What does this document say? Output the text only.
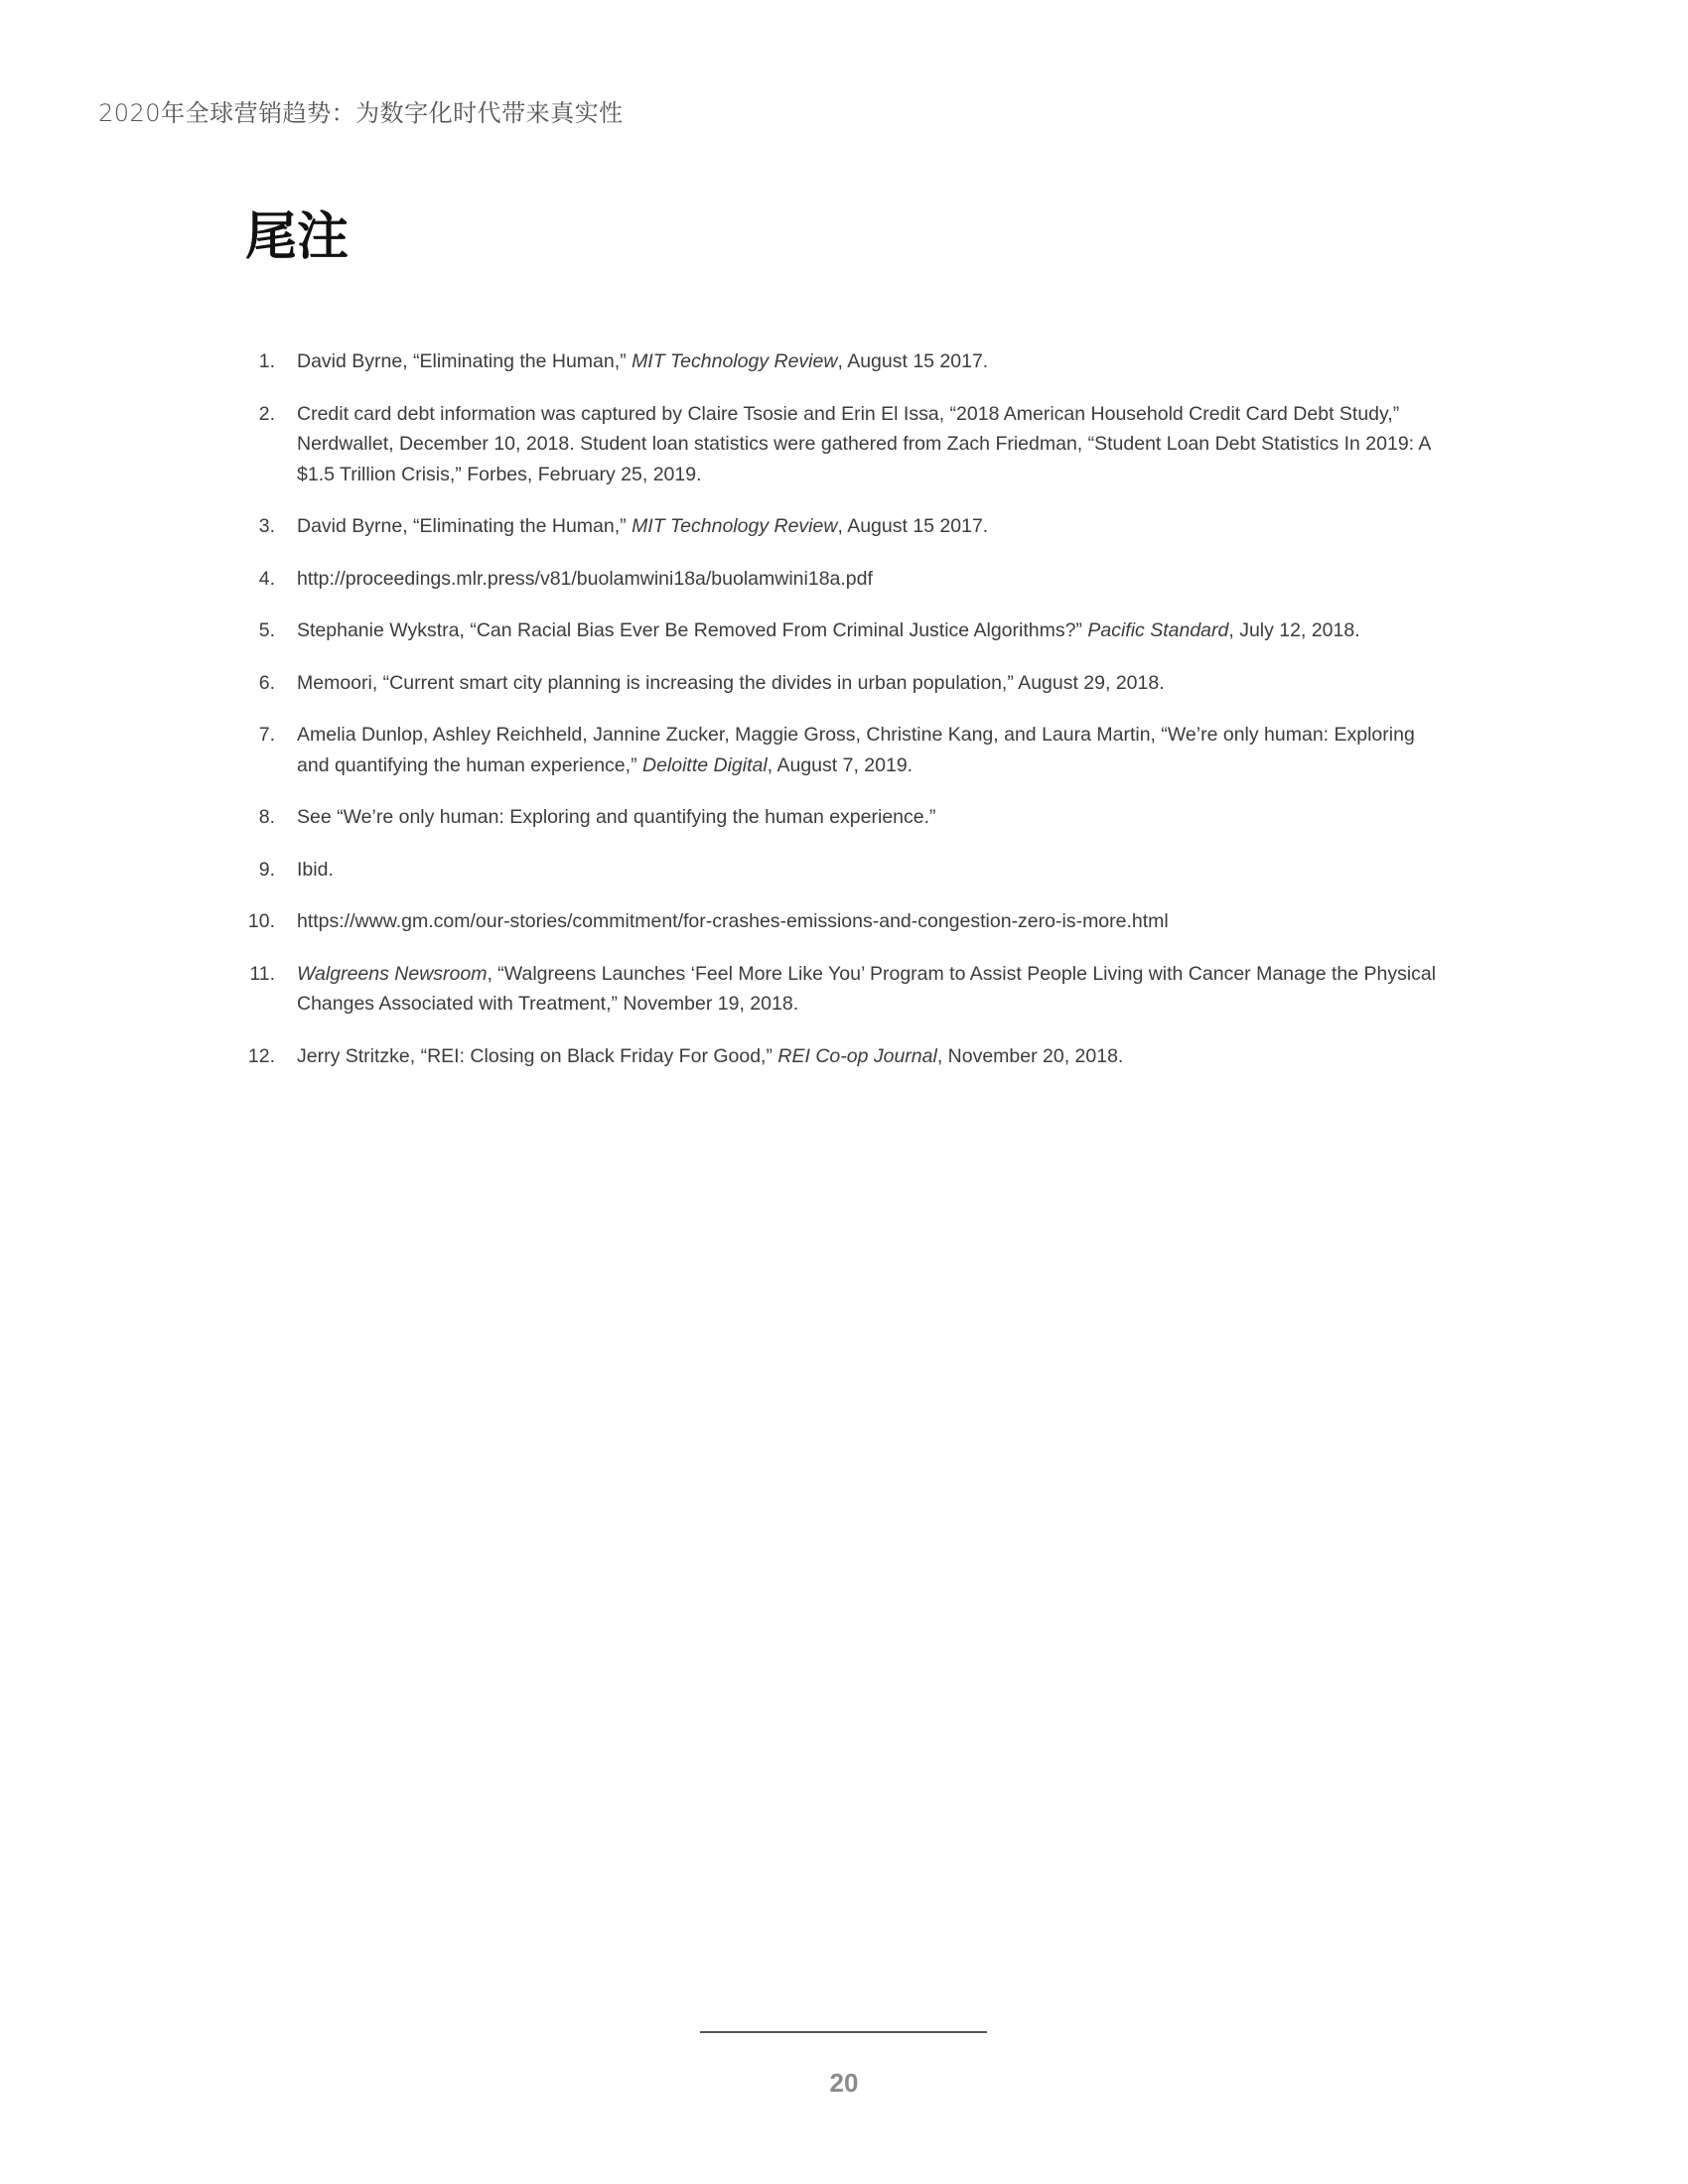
2020年全球营销趋势：为数字化时代带来真实性
尾注
1. David Byrne, “Eliminating the Human,” MIT Technology Review, August 15 2017.
2. Credit card debt information was captured by Claire Tsosie and Erin El Issa, “2018 American Household Credit Card Debt Study,” Nerdwallet, December 10, 2018. Student loan statistics were gathered from Zach Friedman, “Student Loan Debt Statistics In 2019: A $1.5 Trillion Crisis,” Forbes, February 25, 2019.
3. David Byrne, “Eliminating the Human,” MIT Technology Review, August 15 2017.
4. http://proceedings.mlr.press/v81/buolamwini18a/buolamwini18a.pdf
5. Stephanie Wykstra, “Can Racial Bias Ever Be Removed From Criminal Justice Algorithms?” Pacific Standard, July 12, 2018.
6. Memoori, “Current smart city planning is increasing the divides in urban population,” August 29, 2018.
7. Amelia Dunlop, Ashley Reichheld, Jannine Zucker, Maggie Gross, Christine Kang, and Laura Martin, “We’re only human: Exploring and quantifying the human experience,” Deloitte Digital, August 7, 2019.
8. See “We’re only human: Exploring and quantifying the human experience.”
9. Ibid.
10. https://www.gm.com/our-stories/commitment/for-crashes-emissions-and-congestion-zero-is-more.html
11. Walgreens Newsroom, “Walgreens Launches ‘Feel More Like You’ Program to Assist People Living with Cancer Manage the Physical Changes Associated with Treatment,” November 19, 2018.
12. Jerry Stritzke, “REI: Closing on Black Friday For Good,” REI Co-op Journal, November 20, 2018.
20
